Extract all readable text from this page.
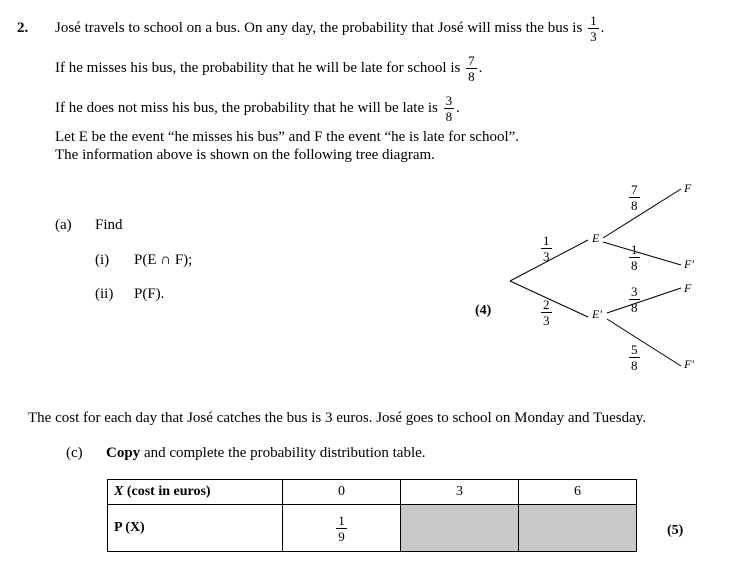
2. José travels to school on a bus. On any day, the probability that José will miss the bus is $\frac{1}{3}$ .
If he misses his bus, the probability that he will be late for school is $\frac{7}{8}$ .
If he does not miss his bus, the probability that he will be late is $\frac{3}{8}$ .
Let E be the event “he misses his bus” and F the event “he is late for school”.
The information above is shown on the following tree diagram.
(a) Find
(i) P(E ∩ F);
(ii) P(F).
(4)
$\frac{1}{3}$
$\frac{2}{3}$
E
E′
$\frac{7}{8}$
$\frac{1}{8}$
$\frac{3}{8}$
$\frac{5}{8}$
F
F′
F
F′
The cost for each day that José catches the bus is 3 euros. José goes to school on Monday and Tuesday.
(c) Copy and complete the probability distribution table.
X (cost in euros)	0	3	6
P (X)	$\frac{1}{9}$
			(5)
